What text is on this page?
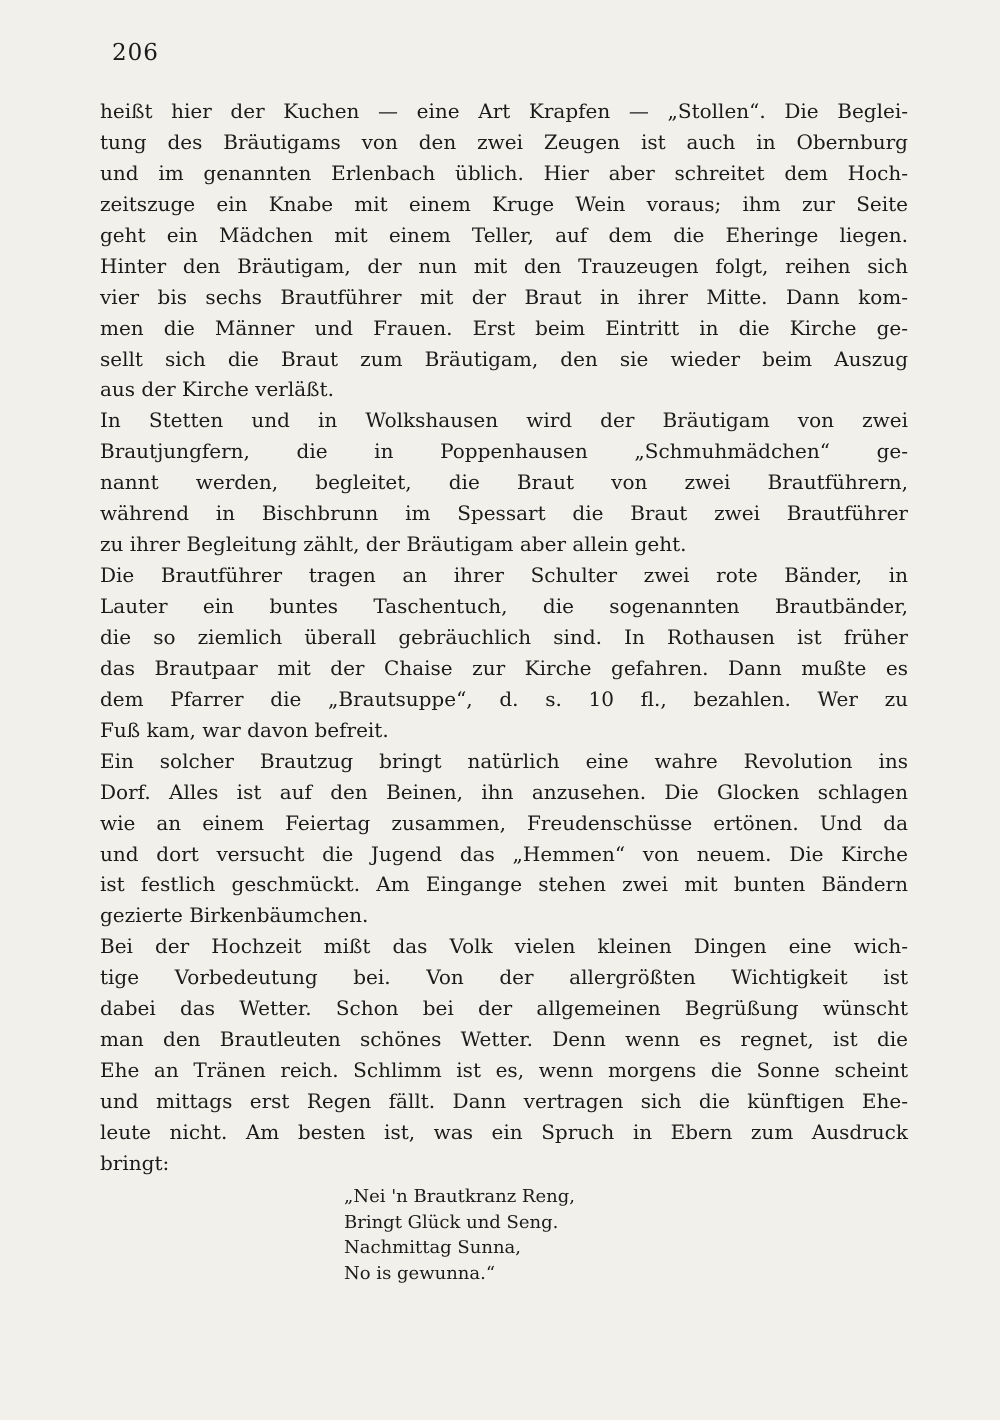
206
heißt hier der Kuchen — eine Art Krapfen — „Stollen“. Die Beglei-
tung des Bräutigams von den zwei Zeugen ist auch in Obernburg
und im genannten Erlenbach üblich. Hier aber schreitet dem Hoch-
zeitszuge ein Knabe mit einem Kruge Wein voraus; ihm zur Seite
geht ein Mädchen mit einem Teller, auf dem die Eheringe liegen.
Hinter den Bräutigam, der nun mit den Trauzeugen folgt, reihen sich
vier bis sechs Brautführer mit der Braut in ihrer Mitte. Dann kom-
men die Männer und Frauen. Erst beim Eintritt in die Kirche ge-
sellt sich die Braut zum Bräutigam, den sie wieder beim Auszug
aus der Kirche verläßt.
In Stetten und in Wolkshausen wird der Bräutigam von zwei
Brautjungfern, die in Poppenhausen „Schmuhmädchen“ ge-
nannt werden, begleitet, die Braut von zwei Brautführern,
während in Bischbrunn im Spessart die Braut zwei Brautführer
zu ihrer Begleitung zählt, der Bräutigam aber allein geht.
Die Brautführer tragen an ihrer Schulter zwei rote Bänder, in
Lauter ein buntes Taschentuch, die sogenannten Brautbänder,
die so ziemlich überall gebräuchlich sind. In Rothausen ist früher
das Brautpaar mit der Chaise zur Kirche gefahren. Dann mußte es
dem Pfarrer die „Brautsuppe“, d. s. 10 fl., bezahlen. Wer zu
Fuß kam, war davon befreit.
Ein solcher Brautzug bringt natürlich eine wahre Revolution ins
Dorf. Alles ist auf den Beinen, ihn anzusehen. Die Glocken schlagen
wie an einem Feiertag zusammen, Freudenschüsse ertönen. Und da
und dort versucht die Jugend das „Hemmen“ von neuem. Die Kirche
ist festlich geschmückt. Am Eingange stehen zwei mit bunten Bändern
gezierte Birkenbäumchen.
Bei der Hochzeit mißt das Volk vielen kleinen Dingen eine wich-
tige Vorbedeutung bei. Von der allergrößten Wichtigkeit ist
dabei das Wetter. Schon bei der allgemeinen Begrüßung wünscht
man den Brautleuten schönes Wetter. Denn wenn es regnet, ist die
Ehe an Tränen reich. Schlimm ist es, wenn morgens die Sonne scheint
und mittags erst Regen fällt. Dann vertragen sich die künftigen Ehe-
leute nicht. Am besten ist, was ein Spruch in Ebern zum Ausdruck
bringt:
„Nei 'n Brautkranz Reng,
Bringt Glück und Seng.
Nachmittag Sunna,
No is gewunna.“
